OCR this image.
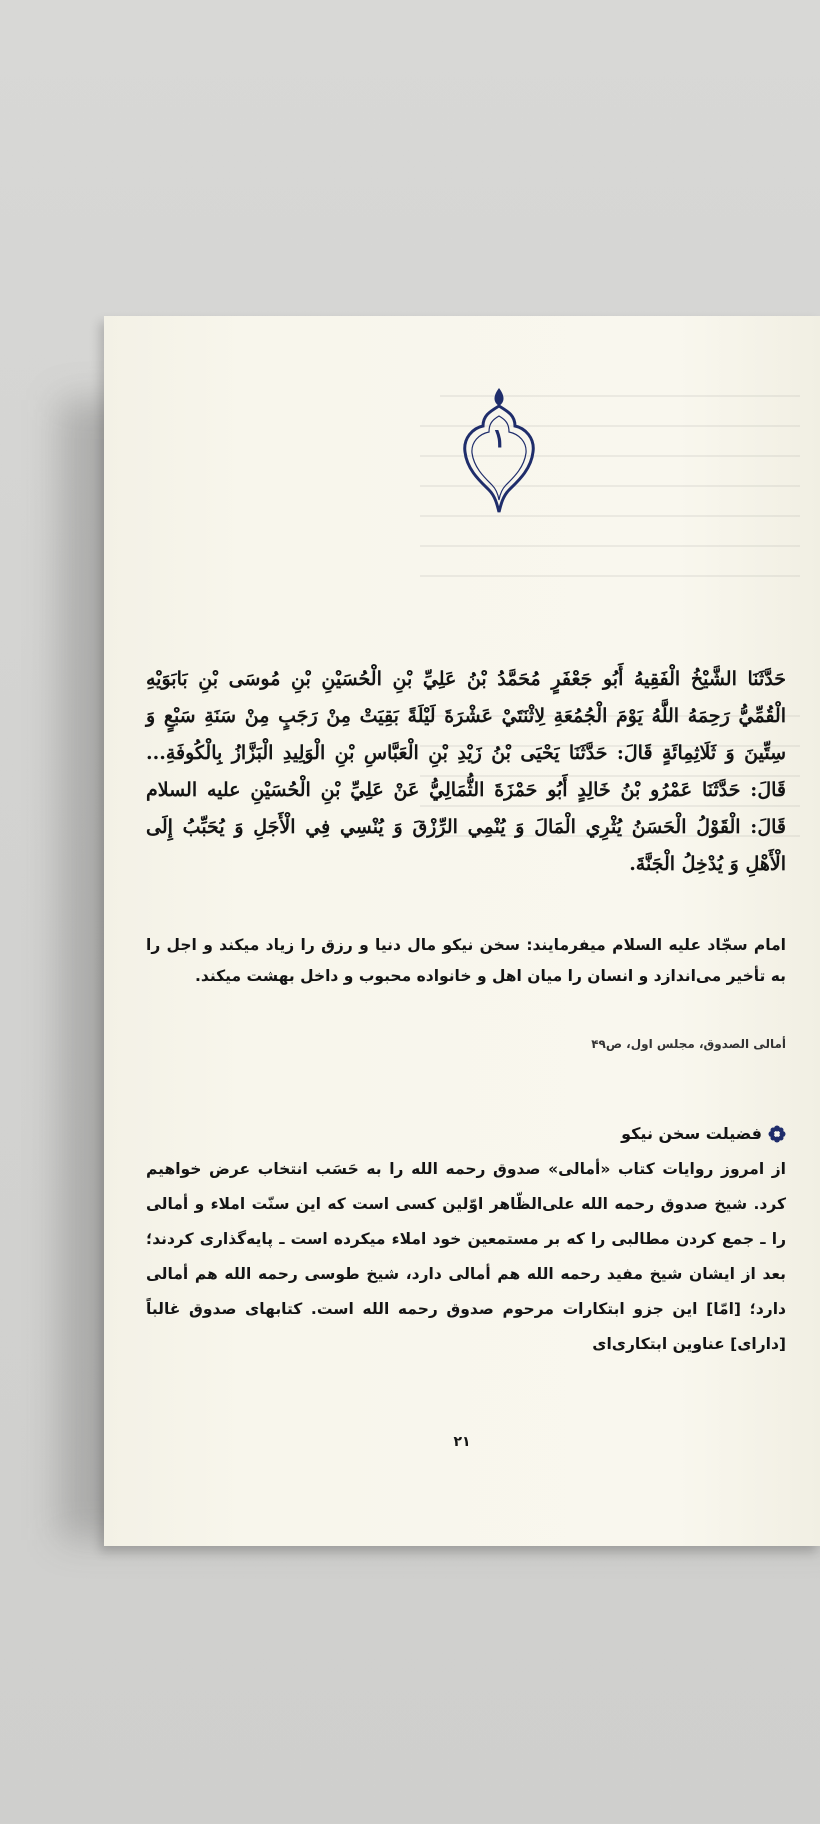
۱
حَدَّثَنَا الشَّيْخُ الْفَقِيهُ أَبُو جَعْفَرٍ مُحَمَّدُ بْنُ عَلِيِّ بْنِ الْحُسَيْنِ بْنِ مُوسَى بْنِ بَابَوَيْهِ الْقُمِّيُّ رَحِمَهُ اللَّهُ يَوْمَ الْجُمُعَةِ لِاثْنَتَيْ عَشْرَةَ لَيْلَةً بَقِيَتْ مِنْ رَجَبٍ مِنْ سَنَةِ سَبْعٍ وَ سِتِّينَ وَ ثَلَاثِمِائَةٍ قَالَ: حَدَّثَنَا يَحْيَى بْنُ زَيْدِ بْنِ الْعَبَّاسِ بْنِ الْوَلِيدِ الْبَزَّازُ بِالْكُوفَةِ... قَالَ: حَدَّثَنَا عَمْرُو بْنُ خَالِدٍ أَبُو حَمْزَةَ الثُّمَالِيُّ عَنْ عَلِيِّ بْنِ الْحُسَيْنِ عليه السلام قَالَ: الْقَوْلُ الْحَسَنُ يُثْرِي الْمَالَ وَ يُنْمِي الرِّزْقَ وَ يُنْسِي فِي الْأَجَلِ وَ يُحَبِّبُ إِلَى الْأَهْلِ وَ يُدْخِلُ الْجَنَّةَ.
امام سجّاد عليه السلام میفرمایند: سخن نیکو مال دنیا و رزق را زیاد میکند و اجل را به تأخیر می‌اندازد و انسان را میان اهل و خانواده محبوب و داخل بهشت میکند.
أمالی الصدوق، مجلس اول، ص۴۹
فضیلت سخن نیکو
از امروز روایات کتاب «أمالی» صدوق رحمه الله را به حَسَب انتخاب عرض خواهیم کرد. شیخ صدوق رحمه الله علی‌الظّاهر اوّلین کسی است که این سنّت املاء و أمالی را ـ جمع کردن مطالبی را که بر مستمعین خود املاء میکرده است ـ پایه‌گذاری کردند؛ بعد از ایشان شیخ مفید رحمه الله هم أمالی دارد، شیخ طوسی رحمه الله هم أمالی دارد؛ [امّا] این جزو ابتکارات مرحوم صدوق رحمه الله است. کتابهای صدوق غالباً [دارای] عناوین ابتکاری‌ای
۲۱
